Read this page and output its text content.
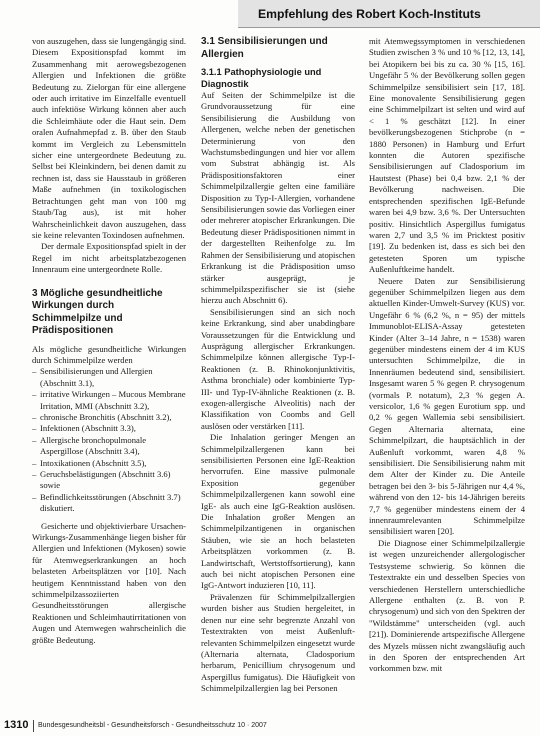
Empfehlung des Robert Koch-Instituts

von auszugehen, dass sie lungengängig sind. Diesem Expositionspfad kommt im Zusammenhang mit aerowegsbezogenen Allergien und Infektionen die größte Bedeutung zu. Zielorgan für eine allergene oder auch irritative im Einzelfalle eventuell auch infektiöse Wirkung können aber auch die Schleimhäute oder die Haut sein. Dem oralen Aufnahmepfad z. B. über den Staub kommt im Vergleich zu Lebensmitteln sicher eine untergeordnete Bedeutung zu. Selbst bei Kleinkindern, bei denen damit zu rechnen ist, dass sie Hausstaub in größeren Maße aufnehmen (in toxikologischen Betrachtungen geht man von 100 mg Staub/Tag aus), ist mit hoher Wahrscheinlichkeit davon auszugehen, dass sie keine relevanten Toxindosen aufnehmen.

Der dermale Expositionspfad spielt in der Regel im nicht arbeitsplatzbezogenen Innenraum eine untergeordnete Rolle.

3 Mögliche gesundheitliche Wirkungen durch Schimmelpilze und Prädispositionen

Als mögliche gesundheitliche Wirkungen durch Schimmelpilze werden

– Sensibilisierungen und Allergien (Abschnitt 3.1),
– irritative Wirkungen – Mucous Membrane Irritation, MMI (Abschnitt 3.2),
– chronische Bronchitis (Abschnitt 3.2),
– Infektionen (Abschnitt 3.3),
– Allergische bronchopulmonale Aspergillose (Abschnitt 3.4),
– Intoxikationen (Abschnitt 3.5),
– Geruchsbelästigungen (Abschnitt 3.6) sowie
– Befindlichkeitsstörungen (Abschnitt 3.7) diskutiert.

Gesicherte und objektivierbare Ursachen-Wirkungs-Zusammenhänge liegen bisher für Allergien und Infektionen (Mykosen) sowie für Atemwegserkrankungen an hoch belasteten Arbeitsplätzen vor [10]. Nach heutigem Kenntnisstand haben von den schimmelpilzassoziierten Gesundheitsstörungen allergische Reaktionen und Schleimhautirritationen von Augen und Atemwegen wahrscheinlich die größte Bedeutung.

3.1 Sensibilisierungen und Allergien
3.1.1 Pathophysiologie und Diagnostik

Auf Seiten der Schimmelpilze ist die Grundvoraussetzung für eine Sensibilisierung die Ausbildung von Allergenen, welche neben der genetischen Determinierung von den Wachstumsbedingungen und hier vor allem vom Substrat abhängig ist. Als Prädispositionsfaktoren einer Schimmelpilzallergie gelten eine familiäre Disposition zu Typ-I-Allergien, vorhandene Sensibilisierungen sowie das Vorliegen einer oder mehrerer atopischer Erkrankungen. Die Bedeutung dieser Prädispositionen nimmt in der dargestellten Reihenfolge zu. Im Rahmen der Sensibilisierung und atopischen Erkrankung ist die Prädisposition umso stärker ausgeprägt, je schimmelpilzspezifischer sie ist (siehe hierzu auch Abschnitt 6).

Sensibilisierungen sind an sich noch keine Erkrankung, sind aber unabdingbare Voraussetzungen für die Entwicklung und Ausprägung allergischer Erkrankungen. Schimmelpilze können allergische Typ-I-Reaktionen (z. B. Rhinokonjunktivitis, Asthma bronchiale) oder kombinierte Typ-III- und Typ-IV-ähnliche Reaktionen (z. B. exogen-allergische Alveolitis) nach der Klassifikation von Coombs and Gell auslösen oder verstärken [11].

Die Inhalation geringer Mengen an Schimmelpilzallergenen kann bei sensibilisierten Personen eine IgE-Reaktion hervorrufen. Eine massive pulmonale Exposition gegenüber Schimmelpilzallergenen kann sowohl eine IgE- als auch eine IgG-Reaktion auslösen. Die Inhalation großer Mengen an Schimmelpilzantigenen in organischen Stäuben, wie sie an hoch belasteten Arbeitsplätzen vorkommen (z. B. Landwirtschaft, Wertstoffsortierung), kann auch bei nicht atopischen Personen eine IgG-Antwort induzieren [10, 11].

Prävalenzen für Schimmelpilzallergien wurden bisher aus Studien hergeleitet, in denen nur eine sehr begrenzte Anzahl von Testextrakten von meist Außenluft-relevanten Schimmelpilzen eingesetzt wurde (Alternaria alternata, Cladosporium herbarum, Penicillium chrysogenum und Aspergillus fumigatus). Die Häufigkeit von Schimmelpilzallergien lag bei Personen

mit Atemwegssymptomen in verschiedenen Studien zwischen 3 % und 10 % [12, 13, 14], bei Atopikern bei bis zu ca. 30 % [15, 16]. Ungefähr 5 % der Bevölkerung sollen gegen Schimmelpilze sensibilisiert sein [17, 18]. Eine monovalente Sensibilisierung gegen eine Schimmelpilzart ist selten und wird auf < 1 % geschätzt [12]. In einer bevölkerungsbezogenen Stichprobe (n = 1880 Personen) in Hamburg und Erfurt konnten die Autoren spezifische Sensibilisierungen auf Cladosporium im Hautstest (Phase) bei 0,4 bzw. 2,1 % der Bevölkerung nachweisen. Die entsprechenden spezifischen IgE-Befunde waren bei 4,9 bzw. 3,6 %. Der Untersuchten positiv. Hinsichtlich Aspergillus fumigatus waren 2,7 und 3,5 % im Pricktest positiv [19]. Zu bedenken ist, dass es sich bei den getesteten Sporen um typische Außenluftkeime handelt.

Neuere Daten zur Sensibilisierung gegenüber Schimmelpilzen liegen aus dem aktuellen Kinder-Umwelt-Survey (KUS) vor. Ungefähr 6 % (6,2 %, n = 95) der mittels Immunoblot-ELISA-Assay getesteten Kinder (Alter 3–14 Jahre, n = 1538) waren gegenüber mindestens einem der 4 im KUS untersuchten Schimmelpilze, die in Innenräumen bedeutend sind, sensibilisiert. Insgesamt waren 5 % gegen P. chrysogenum (vormals P. notatum), 2,3 % gegen A. versicolor, 1,6 % gegen Eurotium spp. und 0,2 % gegen Wallemia sebi sensibilisiert. Gegen Alternaria alternata, eine Schimmelpilzart, die hauptsächlich in der Außenluft vorkommt, waren 4,8 % sensibilisiert. Die Sensibilisierung nahm mit dem Alter der Kinder zu. Die Anteile betragen bei den 3- bis 5-Jährigen nur 4,4 %, während von den 12- bis 14-Jährigen bereits 7,7 % gegenüber mindestens einem der 4 innenraumrelevanten Schimmelpilze sensibilisiert waren [20].

Die Diagnose einer Schimmelpilzallergie ist wegen unzureichender allergologischer Testsysteme schwierig. So können die Testextrakte ein und desselben Species von verschiedenen Herstellern unterschiedliche Allergene enthalten (z. B. von P. chrysogenum) und sich von den Spektren der "Wildstämme" unterscheiden (vgl. auch [21]). Dominierende artspezifische Allergene des Myzels müssen nicht zwangsläufig auch in den Sporen der entsprechenden Art vorkommen bzw. mit

1310 Bundesgesundheitsbl - Gesundheitsforsch - Gesundheitsschutz 10 · 2007
